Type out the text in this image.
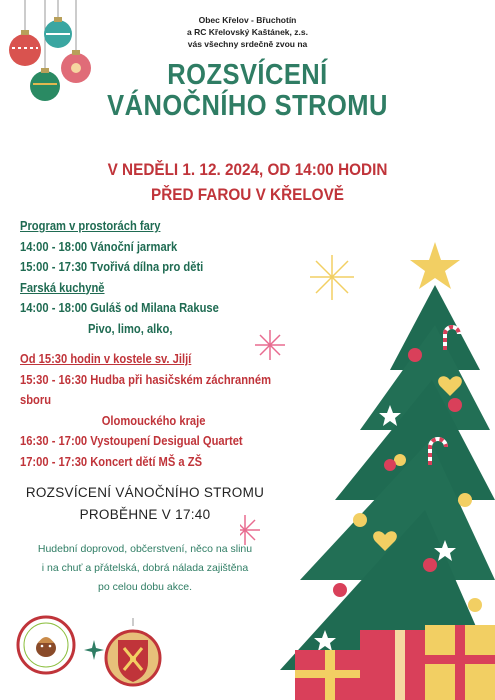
Obec Křelov - Břuchotín
a RC Křelovský Kaštánek, z.s.
vás všechny srdečně zvou na
ROZSVÍCENÍ
VÁNOČNÍHO STROMU
V NEDĚLI 1. 12. 2024, OD 14:00 HODIN
PŘED FAROU V KŘELOVĚ
Program v prostorách fary
14:00 - 18:00 Vánoční jarmark
15:00 - 17:30 Tvořivá dílna pro děti
Farská kuchyně
14:00 - 18:00 Guláš od Milana Rakuse
Pivo, limo, alko,
Od 15:30 hodin v kostele sv. Jiljí
15:30 - 16:30 Hudba při hasičském záchranném sboru
Olomouckého kraje
16:30 - 17:00 Vystoupení Desigual Quartet
17:00 - 17:30 Koncert dětí MŠ a ZŠ
ROZSVÍCENÍ VÁNOČNÍHO STROMU
PROBĚHNE V 17:40
Hudební doprovod, občerstvení, něco na slinu
i na chuť a přátelská, dobrá nálada zajištěna
po celou dobu akce.
